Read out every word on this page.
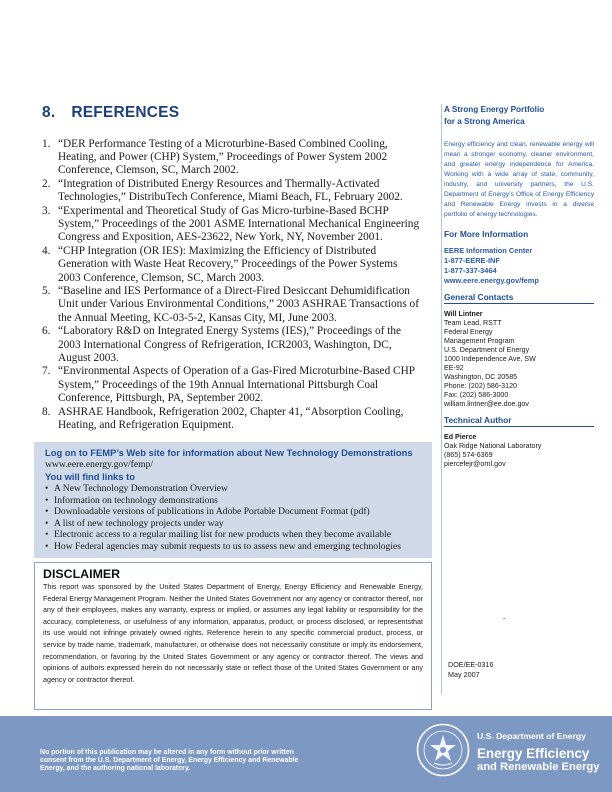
8. REFERENCES
1. “DER Performance Testing of a Microturbine-Based Combined Cooling, Heating, and Power (CHP) System,” Proceedings of Power System 2002 Conference, Clemson, SC, March 2002.
2. “Integration of Distributed Energy Resources and Thermally-Activated Technologies,” DistribuTech Conference, Miami Beach, FL, February 2002.
3. “Experimental and Theoretical Study of Gas Micro-turbine-Based BCHP System,” Proceedings of the 2001 ASME International Mechanical Engineering Congress and Exposition, AES-23622, New York, NY, November 2001.
4. “CHP Integration (OR IES): Maximizing the Efficiency of Distributed Generation with Waste Heat Recovery,” Proceedings of the Power Systems 2003 Conference, Clemson, SC, March 2003.
5. “Baseline and IES Performance of a Direct-Fired Desiccant Dehumidification Unit under Various Environmental Conditions,” 2003 ASHRAE Transactions of the Annual Meeting, KC-03-5-2, Kansas City, MI, June 2003.
6. “Laboratory R&D on Integrated Energy Systems (IES),” Proceedings of the 2003 International Congress of Refrigeration, ICR2003, Washington, DC, August 2003.
7. “Environmental Aspects of Operation of a Gas-Fired Microturbine-Based CHP System,” Proceedings of the 19th Annual International Pittsburgh Coal Conference, Pittsburgh, PA, September 2002.
8. ASHRAE Handbook, Refrigeration 2002, Chapter 41, “Absorption Cooling, Heating, and Refrigeration Equipment.
Log on to FEMP’s Web site for information about New Technology Demonstrations
www.eere.energy.gov/femp/
You will find links to
• A New Technology Demonstration Overview
• Information on technology demonstrations
• Downloadable versions of publications in Adobe Portable Document Format (pdf)
• A list of new technology projects under way
• Electronic access to a regular mailing list for new products when they become available
• How Federal agencies may submit requests to us to assess new and emerging technologies
DISCLAIMER
This report was sponsored by the United States Department of Energy, Energy Efficiency and Renewable Energy, Federal Energy Management Program. Neither the United States Government nor any agency or contractor thereof, nor any of their employees, makes any warranty, express or implied, or assumes any legal liability or responsibility for the accuracy, completeness, or usefulness of any information, apparatus, product, or process disclosed, or representsthat its use would not infringe privately owned rights. Reference herein to any specific commercial product, process, or service by trade name, trademark, manufacturer, or otherwise does not necessarily constitute or imply its endorsement, recommendation, or favoring by the United States Government or any agency or contractor thereof. The views and opinions of authors expressed herein do not necessarily state or reflect those of the United States Government or any agency or contractor thereof.
A Strong Energy Portfolio
for a Strong America
Energy efficiency and clean, renewable energy will mean a stronger economy, cleaner environment, and greater energy independence for America. Working with a wide array of state, community, industry, and university partners, the U.S. Department of Energy’s Office of Energy Efficiency and Renewable Energy invests in a diverse portfolio of energy technologies.
For More Information
EERE Information Center
1-877-EERE-INF
1-877-337-3464
www.eere.energy.gov/femp
General Contacts
Will Lintner
Team Lead, RSTT
Federal Energy
Management Program
U.S. Department of Energy
1000 Independence Ave, SW
EE-92
Washington, DC 20585
Phone: (202) 586-3120
Fax: (202) 586-3000
william.lintner@ee.doe.gov
Technical Author
Ed Pierce
Oak Ridge National Laboratory
(865) 574-6369
piercefejr@ornl.gov
-
DOE/EE-0316
May 2007
No portion of this publication may be altered in any form without prior written consent from the U.S. Department of Energy, Energy Efficiency and Renewable Energy, and the authoring national laboratory.
U.S. Department of Energy
Energy Efficiency
and Renewable Energy
